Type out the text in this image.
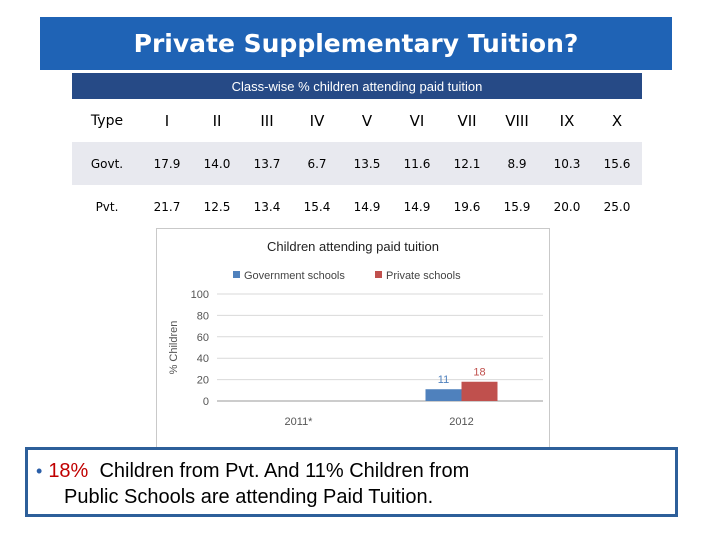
Private Supplementary Tuition?
Class-wise % children attending paid tuition										
Type	I	II	III	IV	V	VI	VII	VIII	IX	X
Govt.	17.9	14.0	13.7	6.7	13.5	11.6	12.1	8.9	10.3	15.6
Pvt.	21.7	12.5	13.4	15.4	14.9	14.9	19.6	15.9	20.0	25.0
Children attending paid tuition
Government schools	Private schools
0
20
40
60
80
100
% Children
2011*
11
18
2012
• 18% Children from Pvt. And 11% Children from
Public Schools are attending Paid Tuition.
